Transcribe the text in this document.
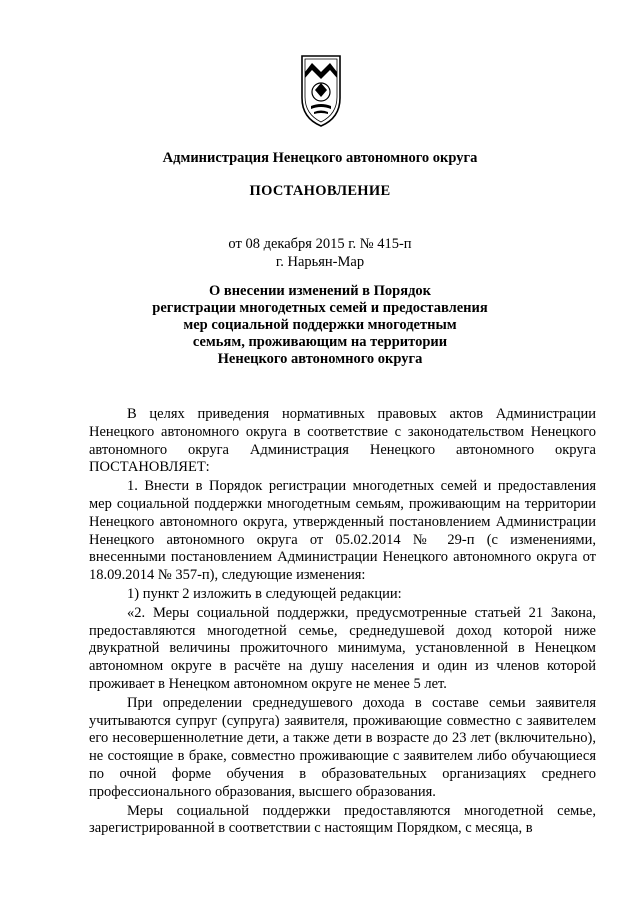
Администрация Ненецкого автономного округа
ПОСТАНОВЛЕНИЕ
от 08 декабря 2015 г. № 415-п
г. Нарьян-Мар
О внесении изменений в Порядок
регистрации многодетных семей и предоставления
мер социальной поддержки многодетным
семьям, проживающим на территории
Ненецкого автономного округа

В целях приведения нормативных правовых актов Администрации Ненецкого автономного округа в соответствие с законодательством Ненецкого автономного округа Администрация Ненецкого автономного округа ПОСТАНОВЛЯЕТ:

1. Внести в Порядок регистрации многодетных семей и предоставления мер социальной поддержки многодетным семьям, проживающим на территории Ненецкого автономного округа, утвержденный постановлением Администрации Ненецкого автономного округа от 05.02.2014 № 29-п (с изменениями, внесенными постановлением Администрации Ненецкого автономного округа от 18.09.2014 № 357-п), следующие изменения:

1) пункт 2 изложить в следующей редакции:

«2. Меры социальной поддержки, предусмотренные статьей 21 Закона, предоставляются многодетной семье, среднедушевой доход которой ниже двукратной величины прожиточного минимума, установленной в Ненецком автономном округе в расчёте на душу населения и один из членов которой проживает в Ненецком автономном округе не менее 5 лет.

При определении среднедушевого дохода в составе семьи заявителя учитываются супруг (супруга) заявителя, проживающие совместно с заявителем его несовершеннолетние дети, а также дети в возрасте до 23 лет (включительно), не состоящие в браке, совместно проживающие с заявителем либо обучающиеся по очной форме обучения в образовательных организациях среднего профессионального образования, высшего образования.

Меры социальной поддержки предоставляются многодетной семье, зарегистрированной в соответствии с настоящим Порядком, с месяца, в
